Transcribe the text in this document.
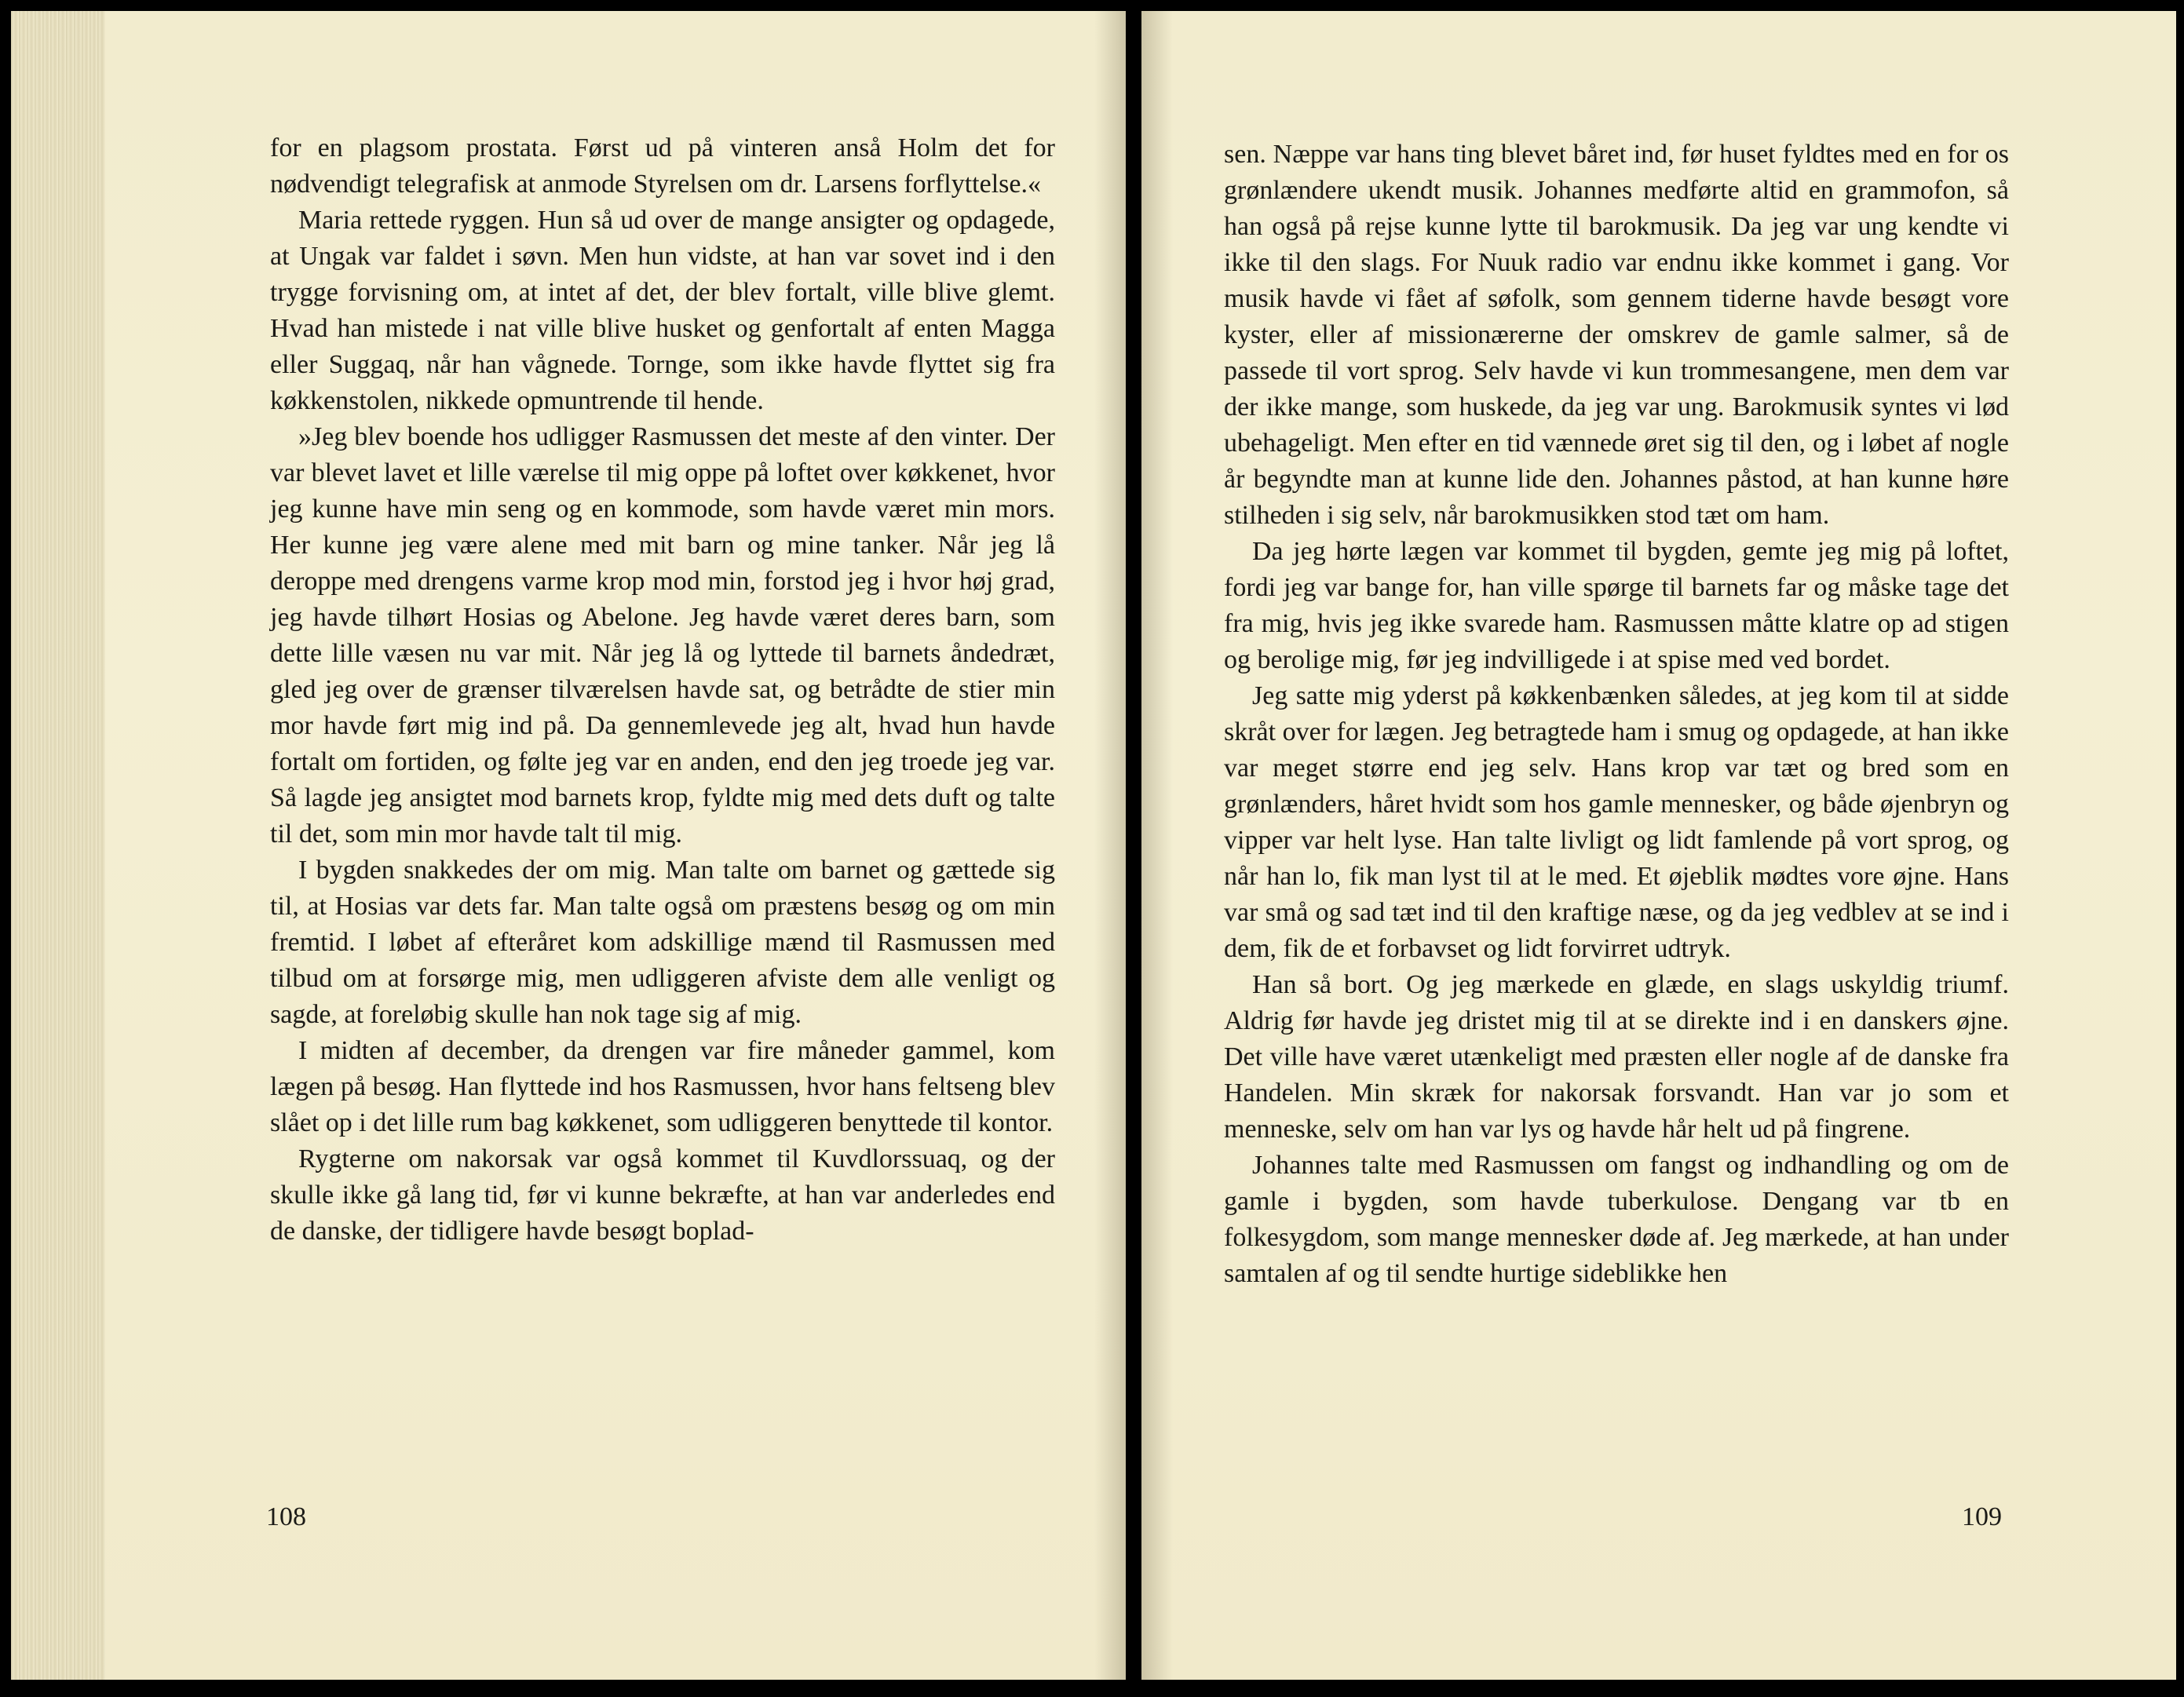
for en plagsom prostata. Først ud på vinteren anså Holm det for nødvendigt telegrafisk at anmode Styrelsen om dr. Larsens forflyttelse.«

Maria rettede ryggen. Hun så ud over de mange ansigter og opdagede, at Ungak var faldet i søvn. Men hun vidste, at han var sovet ind i den trygge forvisning om, at intet af det, der blev fortalt, ville blive glemt. Hvad han mistede i nat ville blive husket og genfortalt af enten Magga eller Suggaq, når han vågnede. Tornge, som ikke havde flyttet sig fra køkkenstolen, nikkede opmuntrende til hende.

»Jeg blev boende hos udligger Rasmussen det meste af den vinter. Der var blevet lavet et lille værelse til mig oppe på loftet over køkkenet, hvor jeg kunne have min seng og en kommode, som havde været min mors. Her kunne jeg være alene med mit barn og mine tanker. Når jeg lå deroppe med drengens varme krop mod min, forstod jeg i hvor høj grad, jeg havde tilhørt Hosias og Abelone. Jeg havde været deres barn, som dette lille væsen nu var mit. Når jeg lå og lyttede til barnets åndedræt, gled jeg over de grænser tilværelsen havde sat, og betrådte de stier min mor havde ført mig ind på. Da gennemlevede jeg alt, hvad hun havde fortalt om fortiden, og følte jeg var en anden, end den jeg troede jeg var. Så lagde jeg ansigtet mod barnets krop, fyldte mig med dets duft og talte til det, som min mor havde talt til mig.

I bygden snakkedes der om mig. Man talte om barnet og gættede sig til, at Hosias var dets far. Man talte også om præstens besøg og om min fremtid. I løbet af efteråret kom adskillige mænd til Rasmussen med tilbud om at forsørge mig, men udliggeren afviste dem alle venligt og sagde, at foreløbig skulle han nok tage sig af mig.

I midten af december, da drengen var fire måneder gammel, kom lægen på besøg. Han flyttede ind hos Rasmussen, hvor hans feltseng blev slået op i det lille rum bag køkkenet, som udliggeren benyttede til kontor.

Rygterne om nakorsak var også kommet til Kuvdlorssuaq, og der skulle ikke gå lang tid, før vi kunne bekræfte, at han var anderledes end de danske, der tidligere havde besøgt boplad-

108

sen. Næppe var hans ting blevet båret ind, før huset fyldtes med en for os grønlændere ukendt musik. Johannes medførte altid en grammofon, så han også på rejse kunne lytte til barokmusik. Da jeg var ung kendte vi ikke til den slags. For Nuuk radio var endnu ikke kommet i gang. Vor musik havde vi fået af søfolk, som gennem tiderne havde besøgt vore kyster, eller af missionærerne der omskrev de gamle salmer, så de passede til vort sprog. Selv havde vi kun trommesangene, men dem var der ikke mange, som huskede, da jeg var ung. Barokmusik syntes vi lød ubehageligt. Men efter en tid vænnede øret sig til den, og i løbet af nogle år begyndte man at kunne lide den. Johannes påstod, at han kunne høre stilheden i sig selv, når barokmusikken stod tæt om ham.

Da jeg hørte lægen var kommet til bygden, gemte jeg mig på loftet, fordi jeg var bange for, han ville spørge til barnets far og måske tage det fra mig, hvis jeg ikke svarede ham. Rasmussen måtte klatre op ad stigen og berolige mig, før jeg indvilligede i at spise med ved bordet.

Jeg satte mig yderst på køkkenbænken således, at jeg kom til at sidde skråt over for lægen. Jeg betragtede ham i smug og opdagede, at han ikke var meget større end jeg selv. Hans krop var tæt og bred som en grønlænders, håret hvidt som hos gamle mennesker, og både øjenbryn og vipper var helt lyse. Han talte livligt og lidt famlende på vort sprog, og når han lo, fik man lyst til at le med. Et øjeblik mødtes vore øjne. Hans var små og sad tæt ind til den kraftige næse, og da jeg vedblev at se ind i dem, fik de et forbavset og lidt forvirret udtryk.

Han så bort. Og jeg mærkede en glæde, en slags uskyldig triumf. Aldrig før havde jeg dristet mig til at se direkte ind i en danskers øjne. Det ville have været utænkeligt med præsten eller nogle af de danske fra Handelen. Min skræk for nakorsak forsvandt. Han var jo som et menneske, selv om han var lys og havde hår helt ud på fingrene.

Johannes talte med Rasmussen om fangst og indhandling og om de gamle i bygden, som havde tuberkulose. Dengang var tb en folkesygdom, som mange mennesker døde af. Jeg mærkede, at han under samtalen af og til sendte hurtige sideblikke hen

109
